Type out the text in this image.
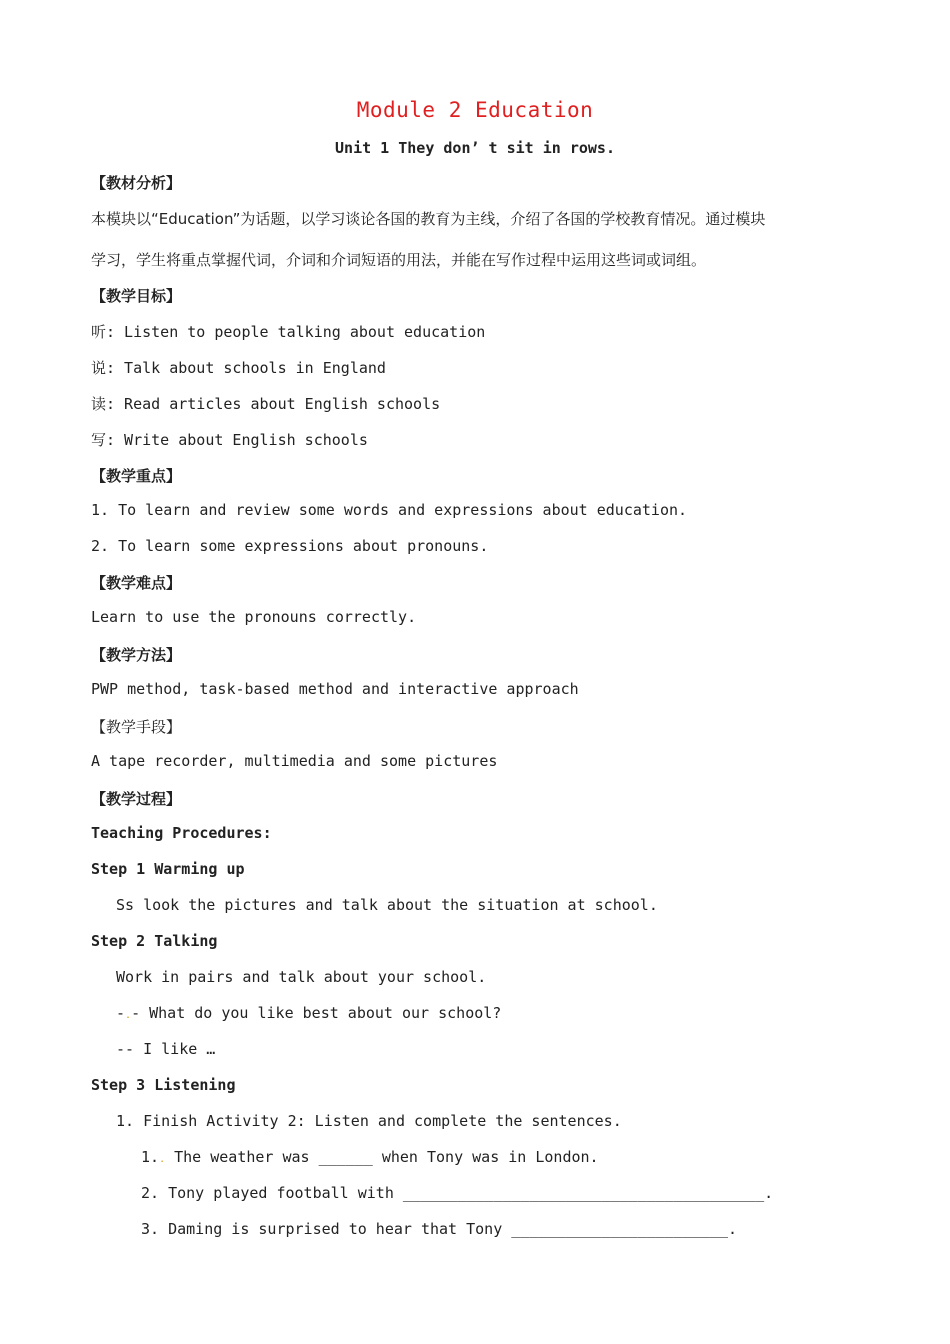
Module 2 Education
Unit 1 They don’ t sit in rows.
【教材分析】
本模块以“Education”为话题，以学习谈论各国的教育为主线，介绍了各国的学校教育情况。通过模块
学习，学生将重点掌握代词，介词和介词短语的用法，并能在写作过程中运用这些词或词组。
【教学目标】
听: Listen to people talking about education
说: Talk about schools in England
读: Read articles about English schools
写: Write about English schools
【教学重点】
1. To learn and review some words and expressions about education.
2. To learn some expressions about pronouns.
【教学难点】
Learn to use the pronouns correctly.
【教学方法】
PWP method, task-based method and interactive approach
【教学手段】
A tape recorder, multimedia and some pictures
【教学过程】
Teaching Procedures:
Step 1 Warming up
Ss look the pictures and talk about the situation at school.
Step 2 Talking
Work in pairs and talk about your school.
-.- What do you like best about our school?
-- I like …
Step 3 Listening
1. Finish Activity 2: Listen and complete the sentences.
1.. The weather was ______ when Tony was in London.
2. Tony played football with ________________________________________.
3. Daming is surprised to hear that Tony ________________________.
